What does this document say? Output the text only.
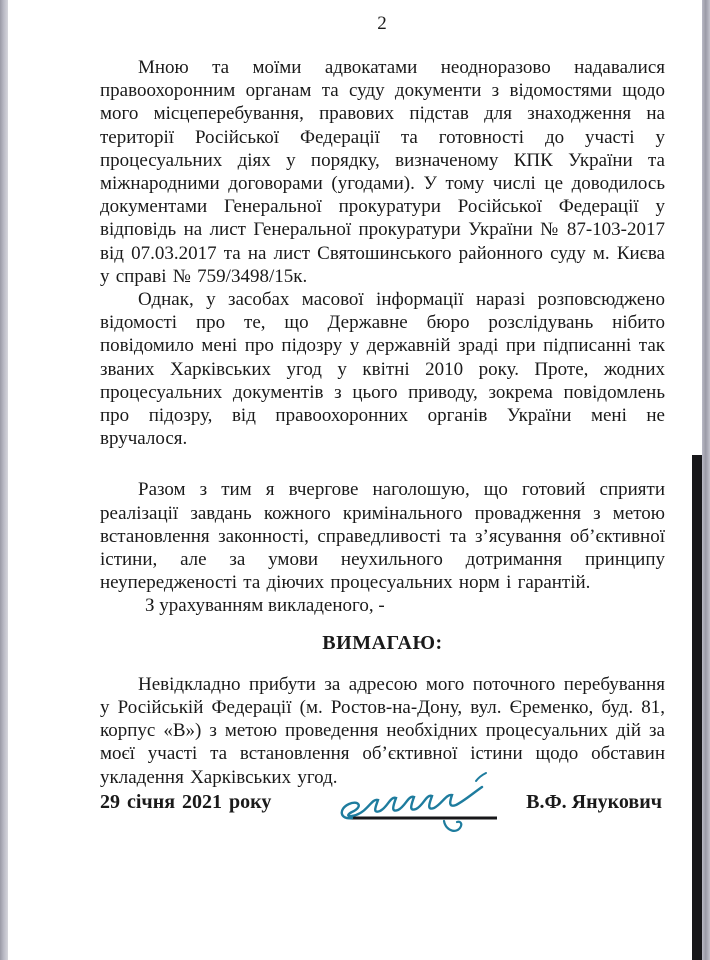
2

Мною та моїми адвокатами неодноразово надавалися правоохоронним органам та суду документи з відомостями щодо мого місцеперебування, правових підстав для знаходження на території Російської Федерації та готовності до участі у процесуальних діях у порядку, визначеному КПК України та міжнародними договорами (угодами). У тому числі це доводилось документами Генеральної прокуратури Російської Федерації у відповідь на лист Генеральної прокуратури України № 87-103-2017 від 07.03.2017 та на лист Святошинського районного суду м. Києва у справі № 759/3498/15к.

Однак, у засобах масової інформації наразі розповсюджено відомості про те, що Державне бюро розслідувань нібито повідомило мені про підозру у державній зраді при підписанні так званих Харківських угод у квітні 2010 року. Проте, жодних процесуальних документів з цього приводу, зокрема повідомлень про підозру, від правоохоронних органів України мені не вручалося.

Разом з тим я вчергове наголошую, що готовий сприяти реалізації завдань кожного кримінального провадження з метою встановлення законності, справедливості та з’ясування об’єктивної істини, але за умови неухильного дотримання принципу неупередженості та діючих процесуальних норм і гарантій.

З урахуванням викладеного, -

ВИМАГАЮ:

Невідкладно прибути за адресою мого поточного перебування у Російській Федерації (м. Ростов-на-Дону, вул. Єременко, буд. 81, корпус «В») з метою проведення необхідних процесуальних дій за моєї участі та встановлення об’єктивної істини щодо обставин укладення Харківських угод.

29 січня 2021 року	В.Ф. Янукович
